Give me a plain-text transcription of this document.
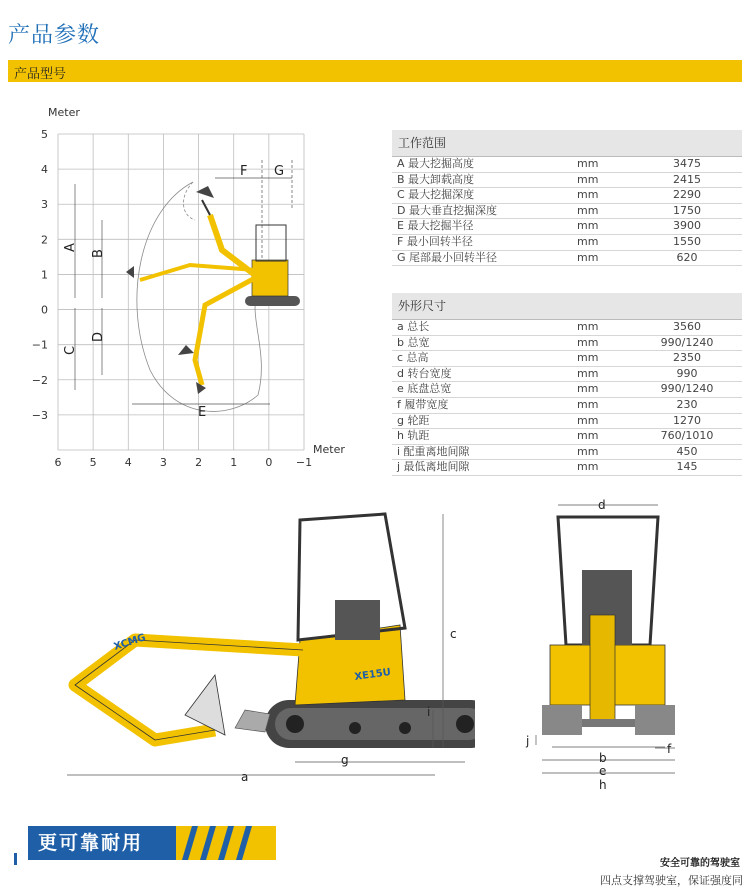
产品参数
产品型号
Meter
5
4
3
2
1
0
−1
−2
−3
6	5	4	3	2	1	0 −1
Meter
A
B
C
D
E
F G
工作范围
A 最大挖掘高度	mm	3475
B 最大卸载高度	mm	2415
C 最大挖掘深度	mm	2290
D 最大垂直挖掘深度	mm	1750
E 最大挖掘半径	mm	3900
F 最小回转半径	mm	1550
G 尾部最小回转半径	mm	620
外形尺寸
a 总长	mm	3560
b 总宽	mm	990/1240
c 总高	mm	2350
d 转台宽度	mm	990
e 底盘总宽	mm	990/1240
f 履带宽度	mm	230
g 轮距	mm	1270
h 轨距	mm	760/1010
i 配重离地间隙	mm	450
j 最低离地间隙	mm	145
XCMG
XE15U
a
c
g
i
d
b
e
h
f
j
更可靠耐用
安全可靠的驾驶室
四点支撑驾驶室，保证强度同
